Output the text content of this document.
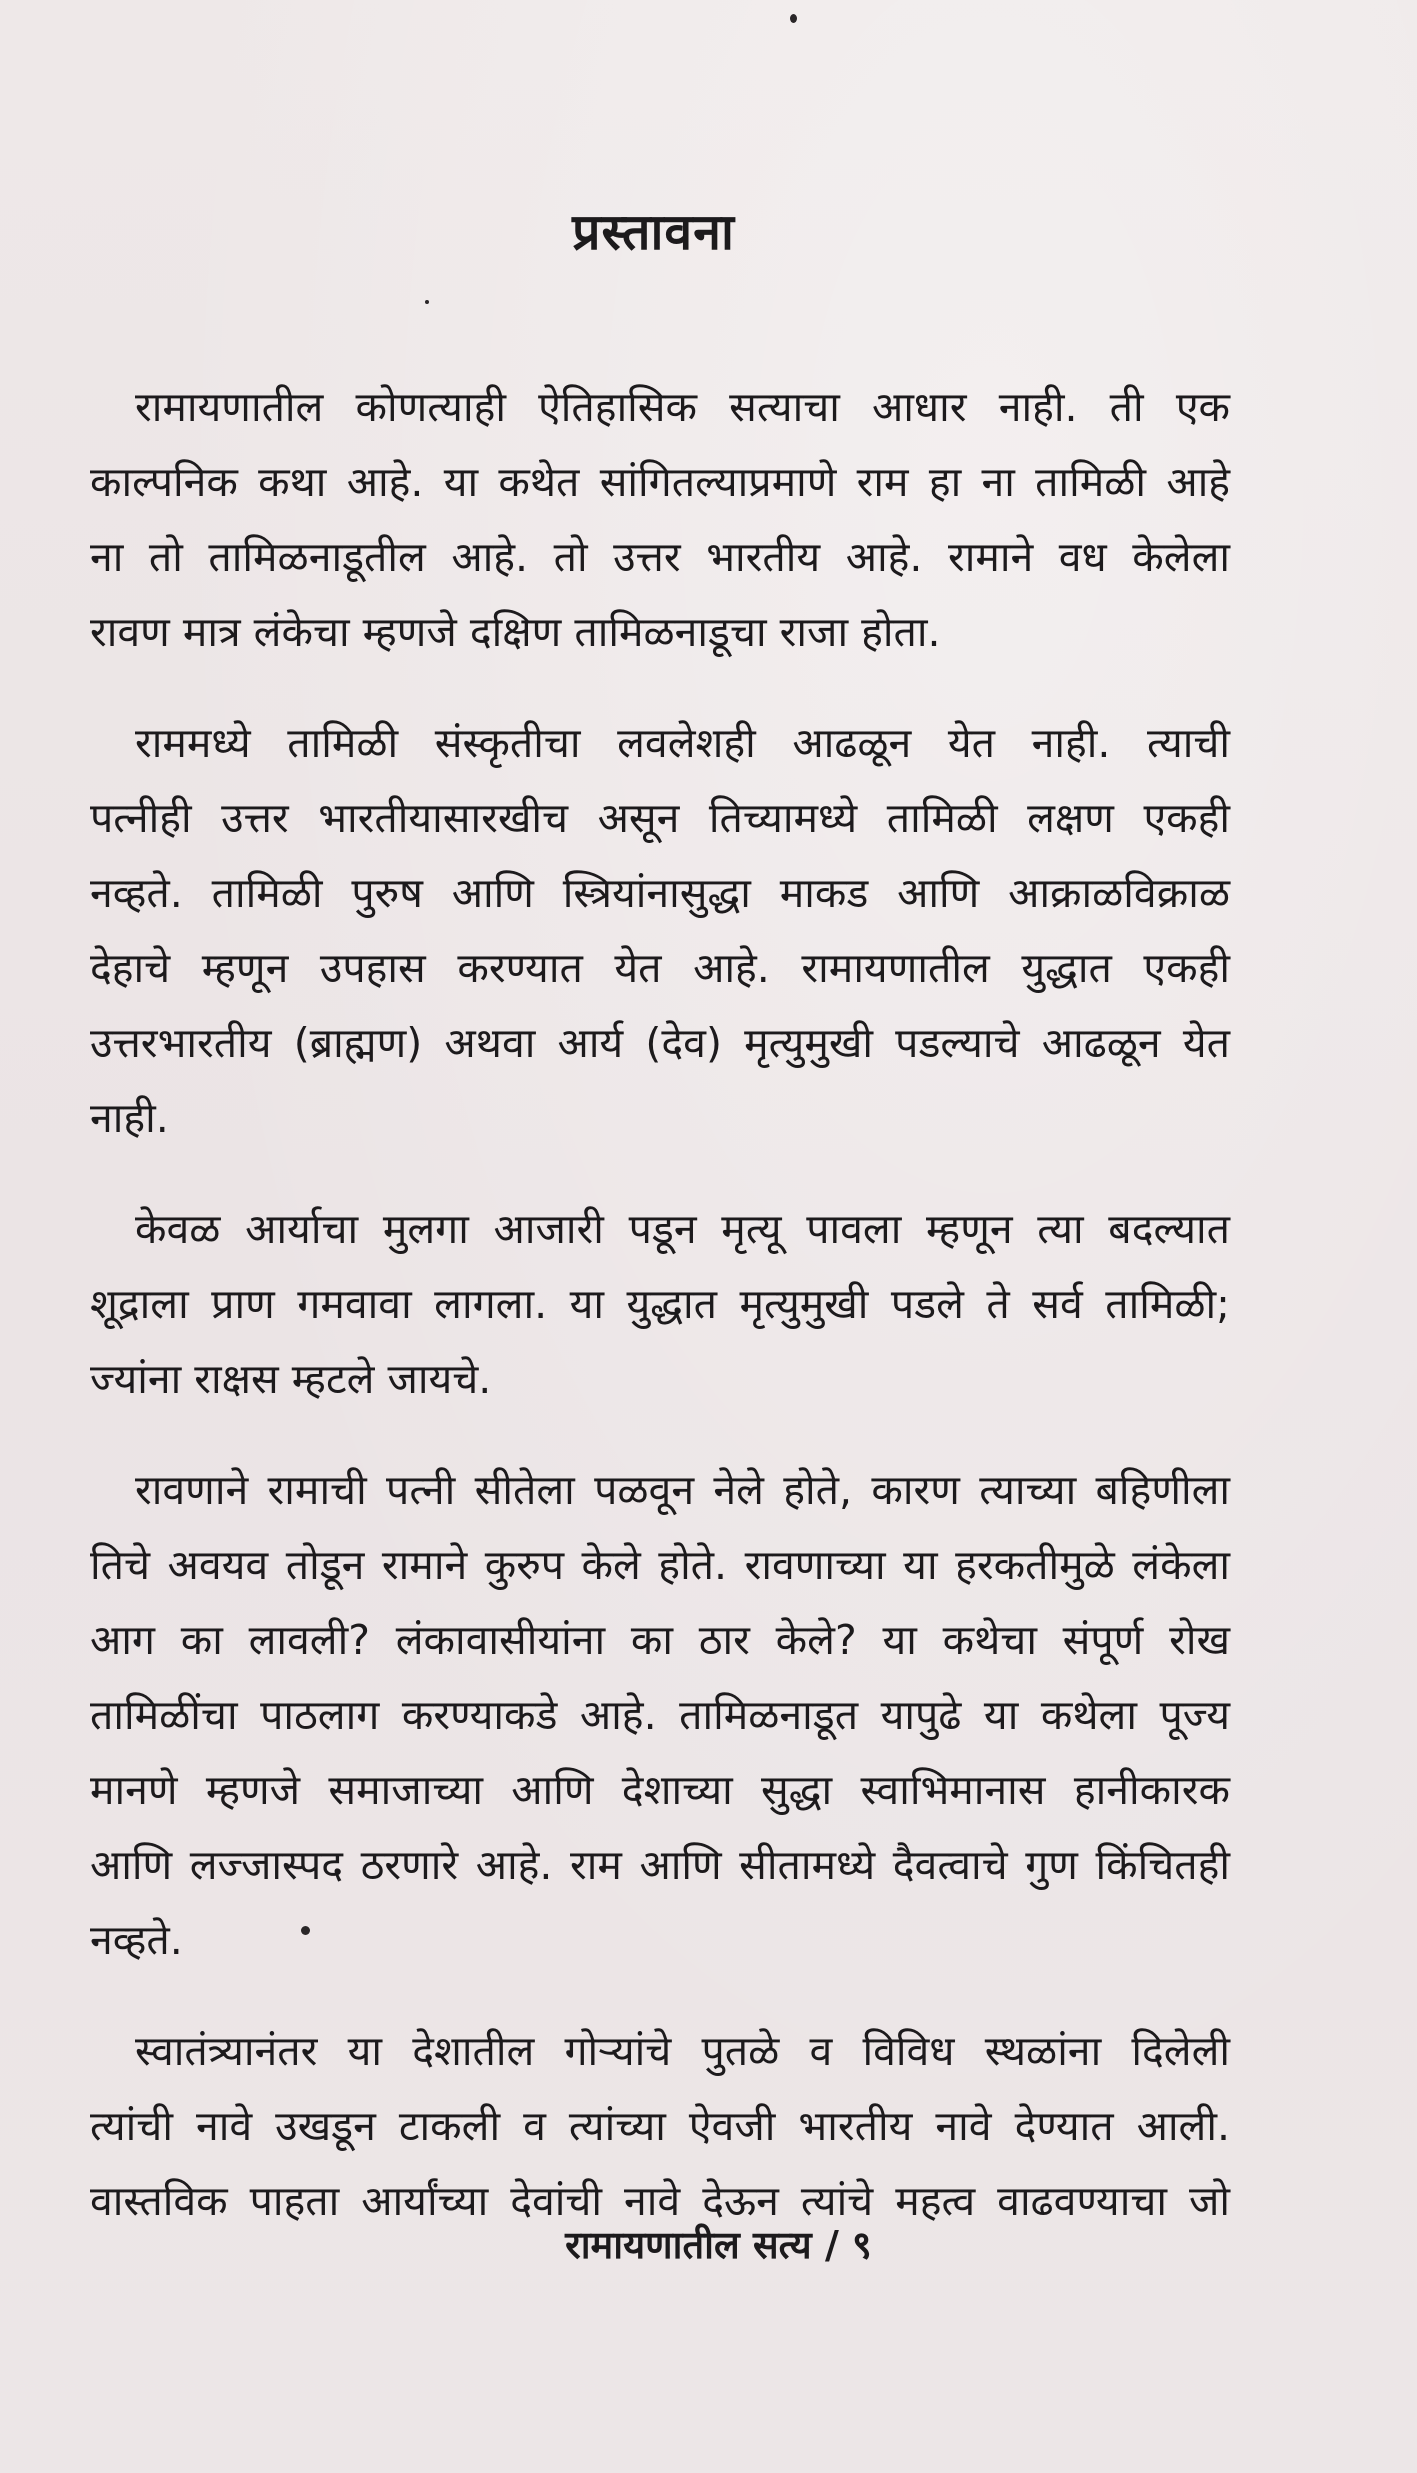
प्रस्तावना

रामायणातील कोणत्याही ऐतिहासिक सत्याचा आधार नाही. ती एक
काल्पनिक कथा आहे. या कथेत सांगितल्याप्रमाणे राम हा ना तामिळी आहे
ना तो तामिळनाडूतील आहे. तो उत्तर भारतीय आहे. रामाने वध केलेला
रावण मात्र लंकेचा म्हणजे दक्षिण तामिळनाडूचा राजा होता.

राममध्ये तामिळी संस्कृतीचा लवलेशही आढळून येत नाही. त्याची
पत्नीही उत्तर भारतीयासारखीच असून तिच्यामध्ये तामिळी लक्षण एकही
नव्हते. तामिळी पुरुष आणि स्त्रियांनासुद्धा माकड आणि आक्राळविक्राळ
देहाचे म्हणून उपहास करण्यात येत आहे. रामायणातील युद्धात एकही
उत्तरभारतीय (ब्राह्मण) अथवा आर्य (देव) मृत्युमुखी पडल्याचे आढळून येत
नाही.

केवळ आर्याचा मुलगा आजारी पडून मृत्यू पावला म्हणून त्या बदल्यात
शूद्राला प्राण गमवावा लागला. या युद्धात मृत्युमुखी पडले ते सर्व तामिळी;
ज्यांना राक्षस म्हटले जायचे.

रावणाने रामाची पत्नी सीतेला पळवून नेले होते, कारण त्याच्या बहिणीला
तिचे अवयव तोडून रामाने कुरुप केले होते. रावणाच्या या हरकतीमुळे लंकेला
आग का लावली? लंकावासीयांना का ठार केले? या कथेचा संपूर्ण रोख
तामिळींचा पाठलाग करण्याकडे आहे. तामिळनाडूत यापुढे या कथेला पूज्य
मानणे म्हणजे समाजाच्या आणि देशाच्या सुद्धा स्वाभिमानास हानीकारक
आणि लज्जास्पद ठरणारे आहे. राम आणि सीतामध्ये दैवत्वाचे गुण किंचितही
नव्हते.

स्वातंत्र्यानंतर या देशातील गोऱ्यांचे पुतळे व विविध स्थळांना दिलेली
त्यांची नावे उखडून टाकली व त्यांच्या ऐवजी भारतीय नावे देण्यात आली.
वास्तविक पाहता आर्यांच्या देवांची नावे देऊन त्यांचे महत्व वाढवण्याचा जो

रामायणातील सत्य / ९
